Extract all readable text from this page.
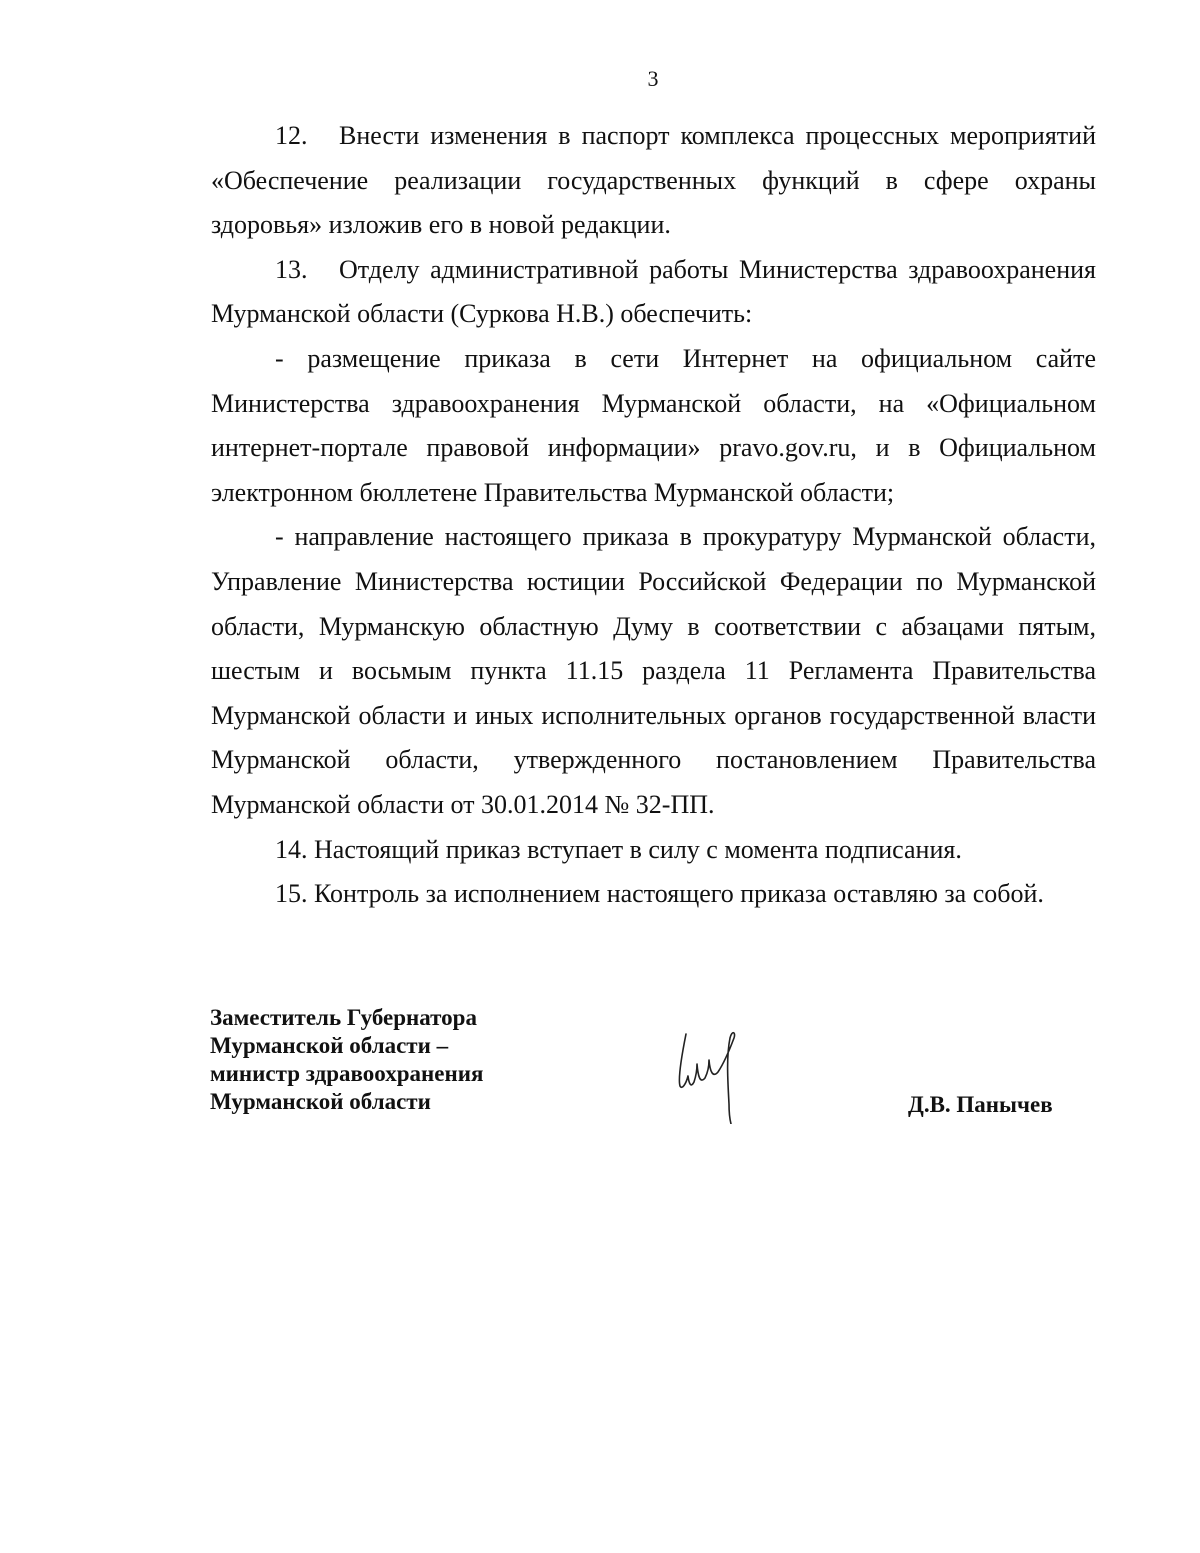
3

12. Внести изменения в паспорт комплекса процессных мероприятий «Обеспечение реализации государственных функций в сфере охраны здоровья» изложив его в новой редакции.

13. Отделу административной работы Министерства здравоохранения Мурманской области (Суркова Н.В.) обеспечить:

- размещение приказа в сети Интернет на официальном сайте Министерства здравоохранения Мурманской области, на «Официальном интернет-портале правовой информации» pravo.gov.ru, и в Официальном электронном бюллетене Правительства Мурманской области;

- направление настоящего приказа в прокуратуру Мурманской области, Управление Министерства юстиции Российской Федерации по Мурманской области, Мурманскую областную Думу в соответствии с абзацами пятым, шестым и восьмым пункта 11.15 раздела 11 Регламента Правительства Мурманской области и иных исполнительных органов государственной власти Мурманской области, утвержденного постановлением Правительства Мурманской области от 30.01.2014 № 32-ПП.

14. Настоящий приказ вступает в силу с момента подписания.

15. Контроль за исполнением настоящего приказа оставляю за собой.

Заместитель Губернатора
Мурманской области –
министр здравоохранения
Мурманской области	Д.В. Панычев
